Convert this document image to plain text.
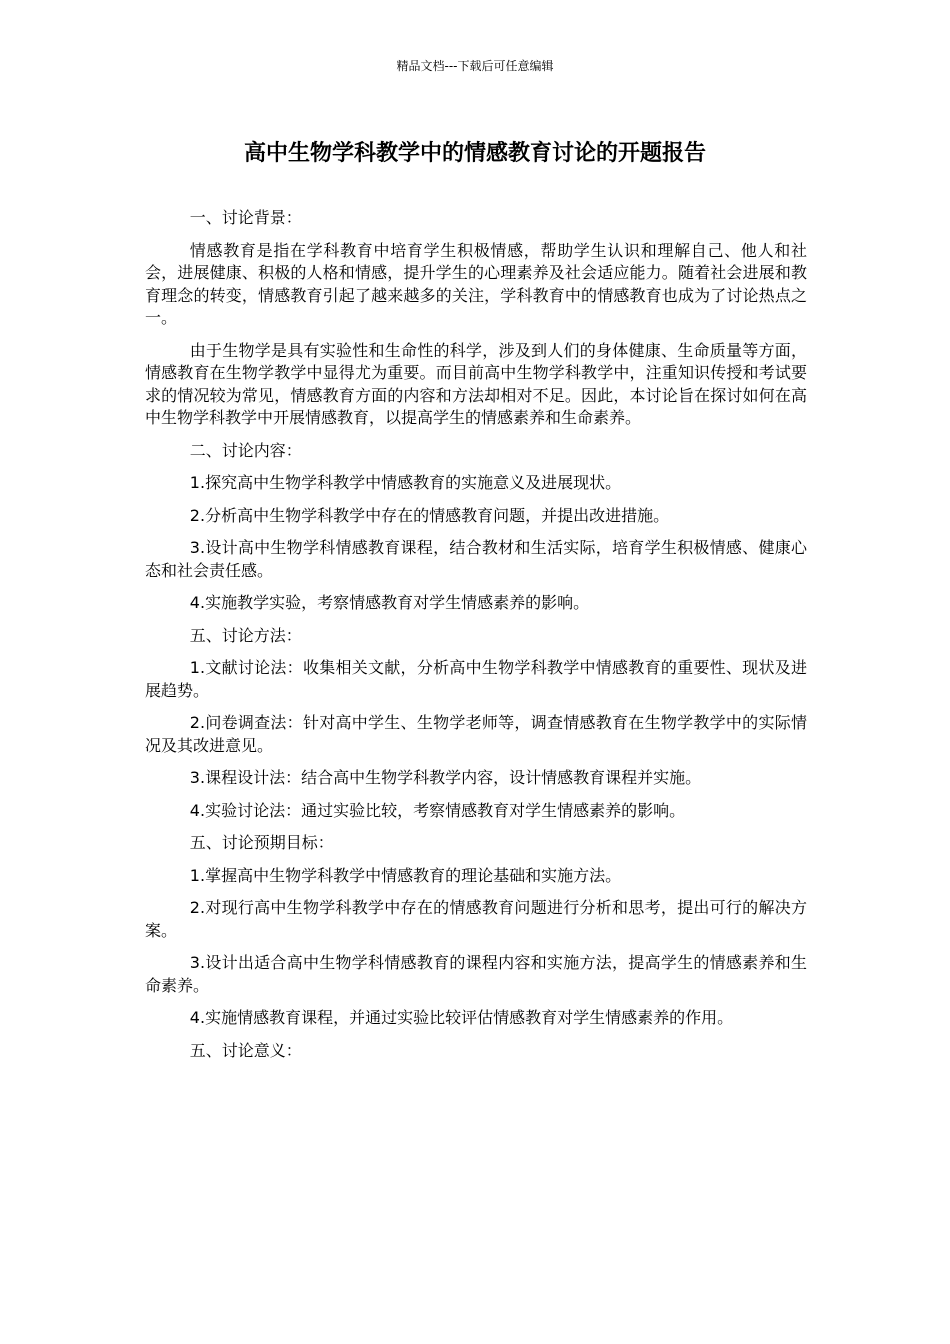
精品文档---下载后可任意编辑
高中生物学科教学中的情感教育讨论的开题报告

一、讨论背景：

情感教育是指在学科教育中培育学生积极情感，帮助学生认识和理解自己、他人和社会，进展健康、积极的人格和情感，提升学生的心理素养及社会适应能力。随着社会进展和教育理念的转变，情感教育引起了越来越多的关注，学科教育中的情感教育也成为了讨论热点之一。

由于生物学是具有实验性和生命性的科学，涉及到人们的身体健康、生命质量等方面，情感教育在生物学教学中显得尤为重要。而目前高中生物学科教学中，注重知识传授和考试要求的情况较为常见，情感教育方面的内容和方法却相对不足。因此，本讨论旨在探讨如何在高中生物学科教学中开展情感教育，以提高学生的情感素养和生命素养。

二、讨论内容：

1.探究高中生物学科教学中情感教育的实施意义及进展现状。

2.分析高中生物学科教学中存在的情感教育问题，并提出改进措施。

3.设计高中生物学科情感教育课程，结合教材和生活实际，培育学生积极情感、健康心态和社会责任感。

4.实施教学实验，考察情感教育对学生情感素养的影响。

五、讨论方法：

1.文献讨论法：收集相关文献，分析高中生物学科教学中情感教育的重要性、现状及进展趋势。

2.问卷调查法：针对高中学生、生物学老师等，调查情感教育在生物学教学中的实际情况及其改进意见。

3.课程设计法：结合高中生物学科教学内容，设计情感教育课程并实施。

4.实验讨论法：通过实验比较，考察情感教育对学生情感素养的影响。

五、讨论预期目标：

1.掌握高中生物学科教学中情感教育的理论基础和实施方法。

2.对现行高中生物学科教学中存在的情感教育问题进行分析和思考，提出可行的解决方案。

3.设计出适合高中生物学科情感教育的课程内容和实施方法，提高学生的情感素养和生命素养。

4.实施情感教育课程，并通过实验比较评估情感教育对学生情感素养的作用。

五、讨论意义：
